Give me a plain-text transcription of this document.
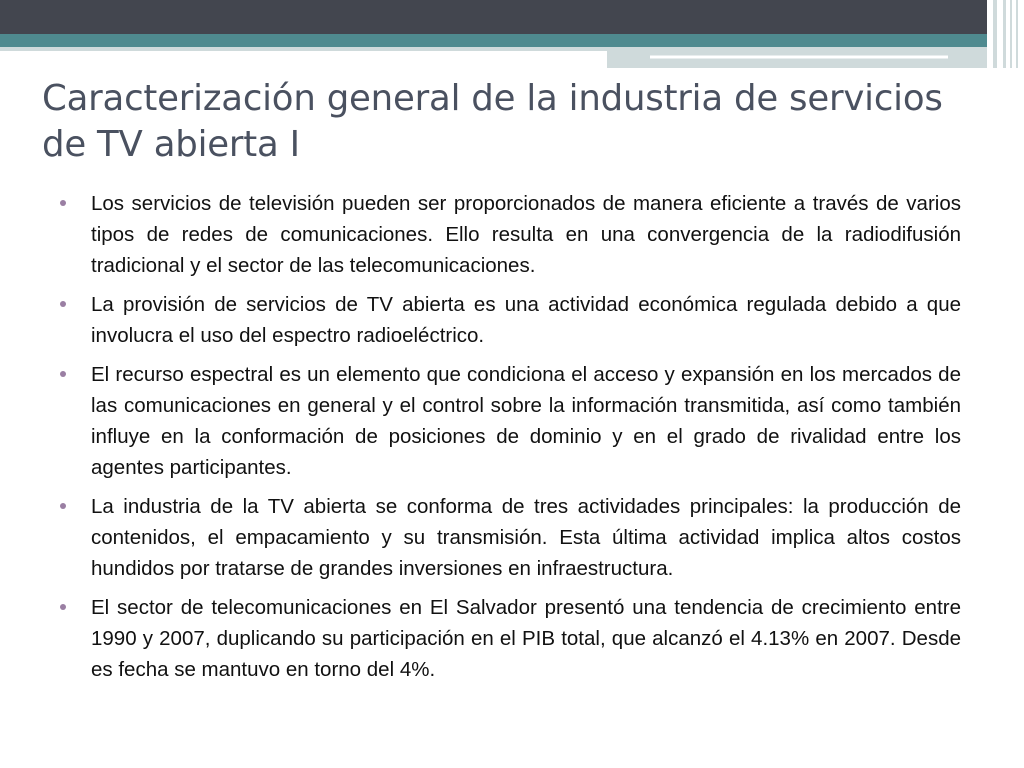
Caracterización general de la industria de servicios de TV abierta I
Los servicios de televisión pueden ser proporcionados de manera eficiente a través de varios tipos de redes de comunicaciones. Ello resulta en una convergencia de la radiodifusión tradicional y el sector de las telecomunicaciones.
La provisión de servicios de TV abierta es una actividad económica regulada debido a que involucra el uso del espectro radioeléctrico.
El recurso espectral es un elemento que condiciona el acceso y expansión en los mercados de las comunicaciones en general y el control sobre la información transmitida, así como también influye en la conformación de posiciones de dominio y en el grado de rivalidad entre los agentes participantes.
La industria de la TV abierta se conforma de tres actividades principales: la producción de contenidos, el empacamiento y su transmisión. Esta última actividad implica altos costos hundidos por tratarse de grandes inversiones en infraestructura.
El sector de telecomunicaciones en El Salvador presentó una tendencia de crecimiento entre 1990 y 2007, duplicando su participación en el PIB total, que alcanzó el 4.13% en 2007. Desde es fecha se mantuvo en torno del 4%.
